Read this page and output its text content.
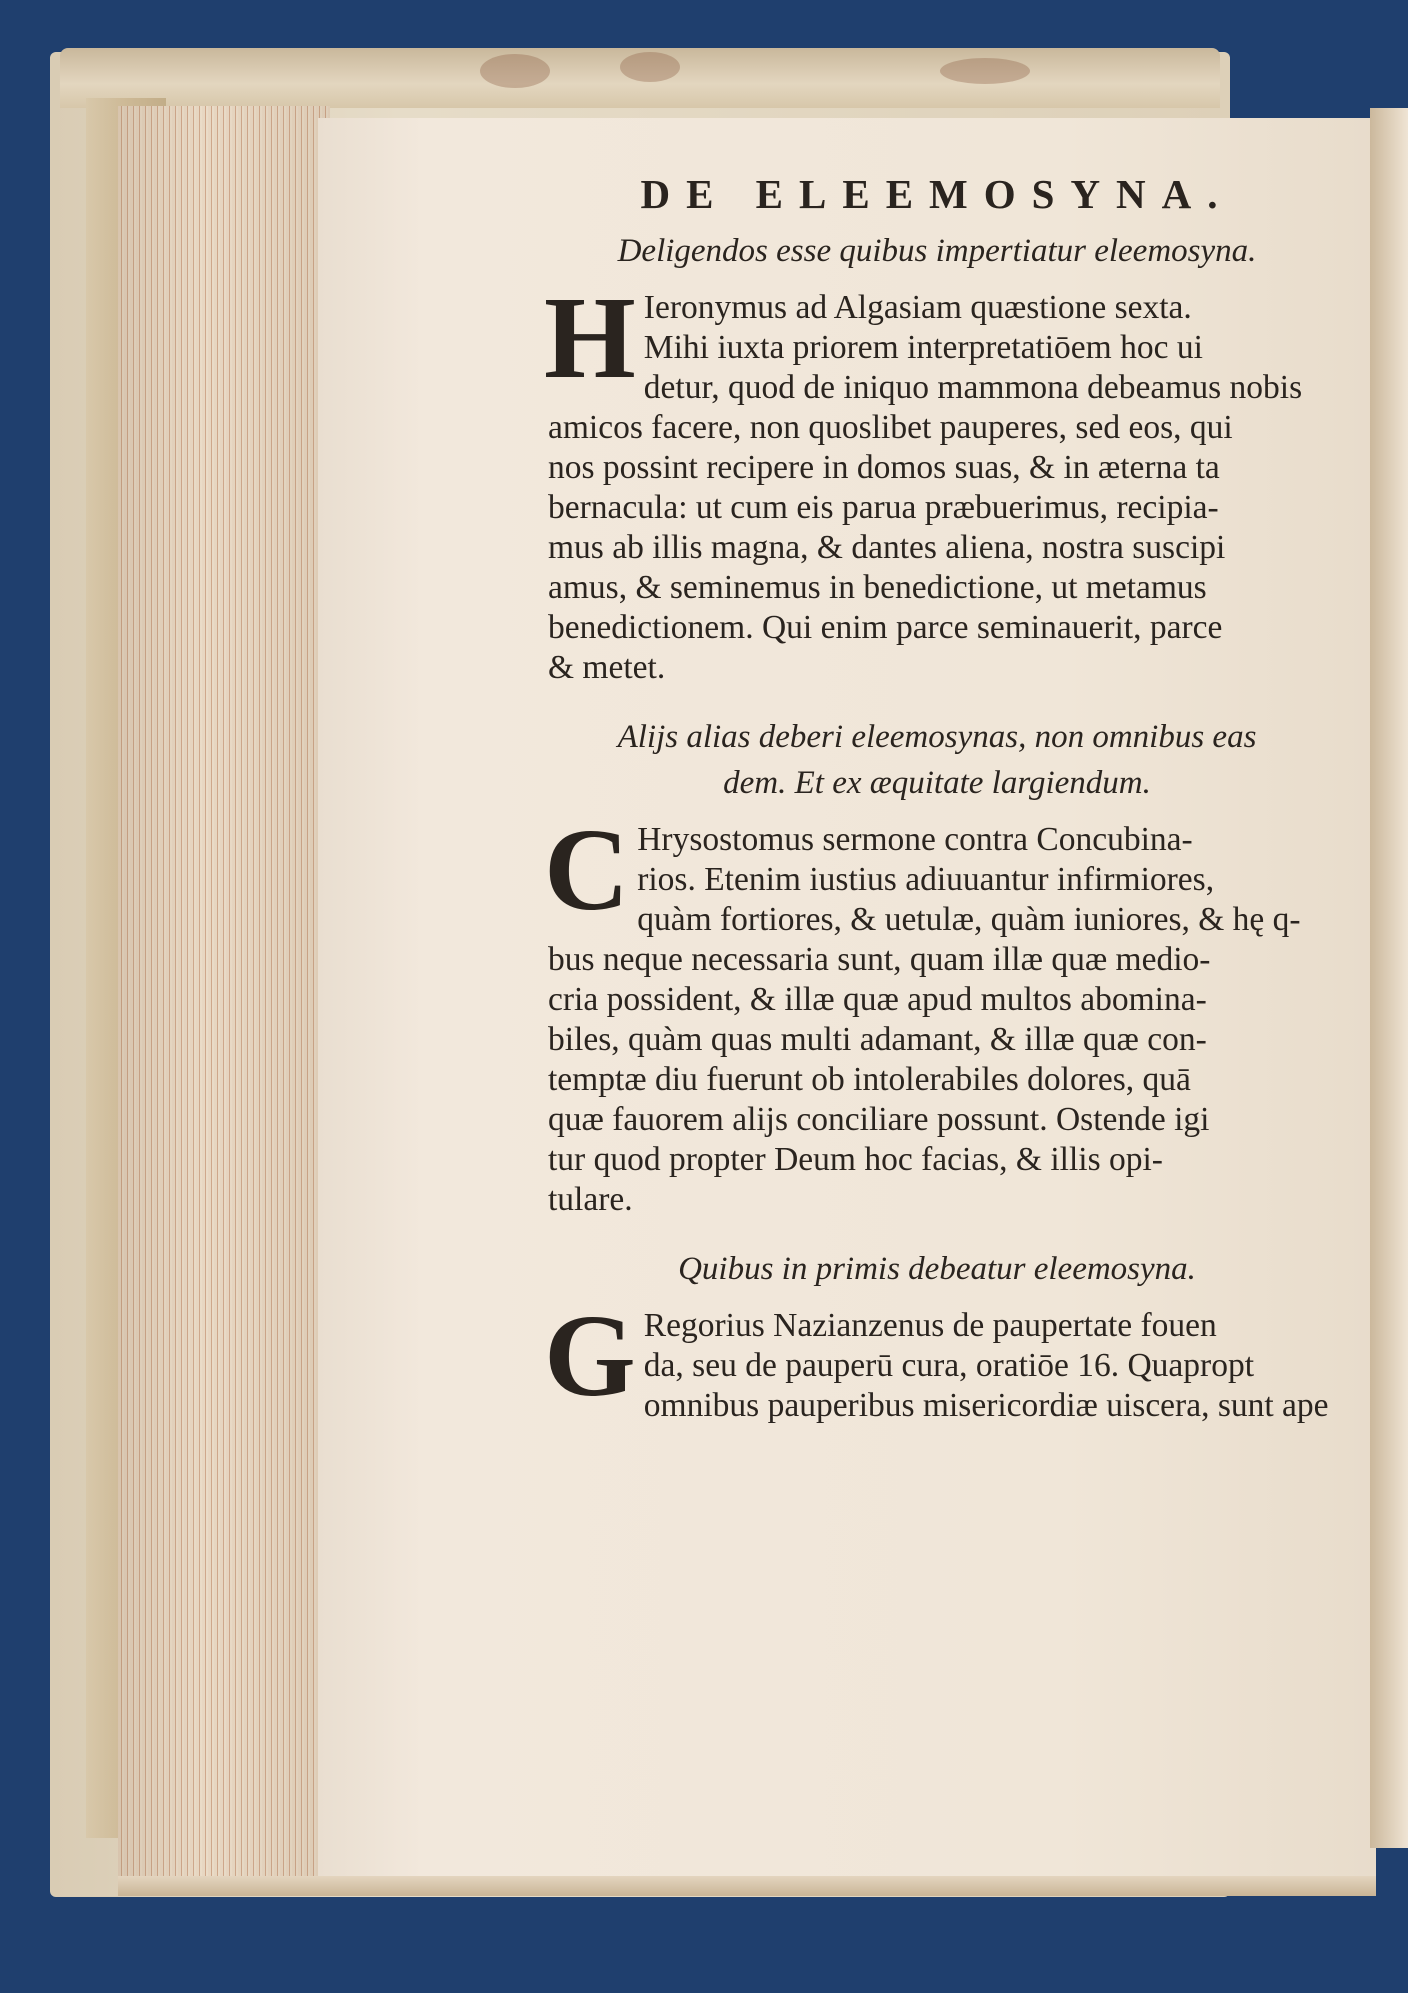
DE ELEEMOSYNA.
Deligendos esse quibus impertiatur eleemosyna.
H Ieronymus ad Algasiam quæstione sexta.
Mihi iuxta priorem interpretatiōem hoc ui
detur, quod de iniquo mammona debeamus nobis
amicos facere, non quoslibet pauperes, sed eos, qui
nos possint recipere in domos suas, & in æterna ta
bernacula: ut cum eis parua præbuerimus, recipia-
mus ab illis magna, & dantes aliena, nostra suscipi
amus, & seminemus in benedictione, ut metamus
benedictionem. Qui enim parce seminauerit, parce
& metet.
Alijs alias deberi eleemosynas, non omnibus eas
dem. Et ex æquitate largiendum.
C Hrysostomus sermone contra Concubina-
rios. Etenim iustius adiuuantur infirmiores,
quàm fortiores, & uetulæ, quàm iuniores, & hę q-
bus neque necessaria sunt, quam illæ quæ medio-
cria possident, & illæ quæ apud multos abomina-
biles, quàm quas multi adamant, & illæ quæ con-
temptæ diu fuerunt ob intolerabiles dolores, quā
quæ fauorem alijs conciliare possunt. Ostende igi
tur quod propter Deum hoc facias, & illis opi-
tulare.
Quibus in primis debeatur eleemosyna.
G Regorius Nazianzenus de paupertate fouen
da, seu de pauperū cura, oratiōe 16. Quapropt
omnibus pauperibus misericordiæ uiscera, sunt ape
